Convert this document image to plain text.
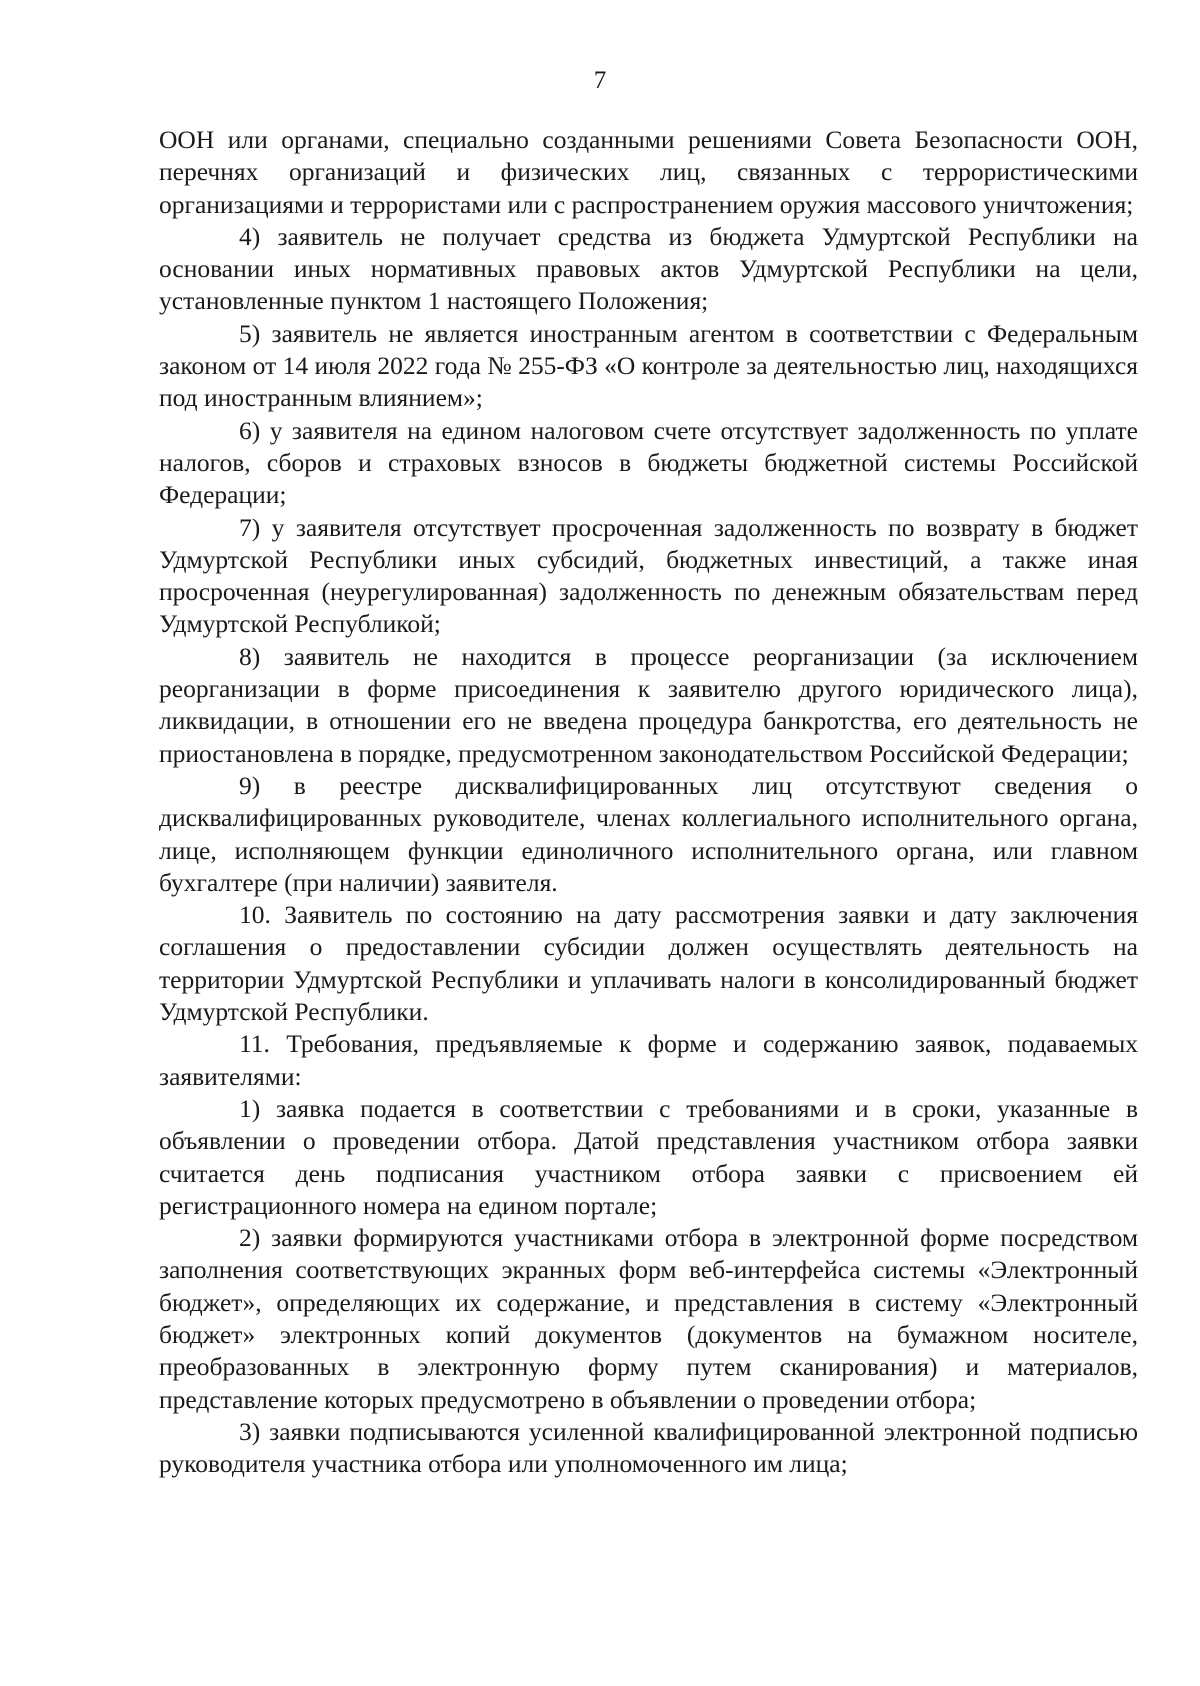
7

ООН или органами, специально созданными решениями Совета Безопасности ООН, перечнях организаций и физических лиц, связанных с террористическими организациями и террористами или с распространением оружия массового уничтожения;

4) заявитель не получает средства из бюджета Удмуртской Республики на основании иных нормативных правовых актов Удмуртской Республики на цели, установленные пунктом 1 настоящего Положения;

5) заявитель не является иностранным агентом в соответствии с Федеральным законом от 14 июля 2022 года № 255-ФЗ «О контроле за деятельностью лиц, находящихся под иностранным влиянием»;

6) у заявителя на едином налоговом счете отсутствует задолженность по уплате налогов, сборов и страховых взносов в бюджеты бюджетной системы Российской Федерации;

7) у заявителя отсутствует просроченная задолженность по возврату в бюджет Удмуртской Республики иных субсидий, бюджетных инвестиций, а также иная просроченная (неурегулированная) задолженность по денежным обязательствам перед Удмуртской Республикой;

8) заявитель не находится в процессе реорганизации (за исключением реорганизации в форме присоединения к заявителю другого юридического лица), ликвидации, в отношении его не введена процедура банкротства, его деятельность не приостановлена в порядке, предусмотренном законодательством Российской Федерации;

9) в реестре дисквалифицированных лиц отсутствуют сведения о дисквалифицированных руководителе, членах коллегиального исполнительного органа, лице, исполняющем функции единоличного исполнительного органа, или главном бухгалтере (при наличии) заявителя.

10. Заявитель по состоянию на дату рассмотрения заявки и дату заключения соглашения о предоставлении субсидии должен осуществлять деятельность на территории Удмуртской Республики и уплачивать налоги в консолидированный бюджет Удмуртской Республики.

11. Требования, предъявляемые к форме и содержанию заявок, подаваемых заявителями:

1) заявка подается в соответствии с требованиями и в сроки, указанные в объявлении о проведении отбора. Датой представления участником отбора заявки считается день подписания участником отбора заявки с присвоением ей регистрационного номера на едином портале;

2) заявки формируются участниками отбора в электронной форме посредством заполнения соответствующих экранных форм веб-интерфейса системы «Электронный бюджет», определяющих их содержание, и представления в систему «Электронный бюджет» электронных копий документов (документов на бумажном носителе, преобразованных в электронную форму путем сканирования) и материалов, представление которых предусмотрено в объявлении о проведении отбора;

3) заявки подписываются усиленной квалифицированной электронной подписью руководителя участника отбора или уполномоченного им лица;
